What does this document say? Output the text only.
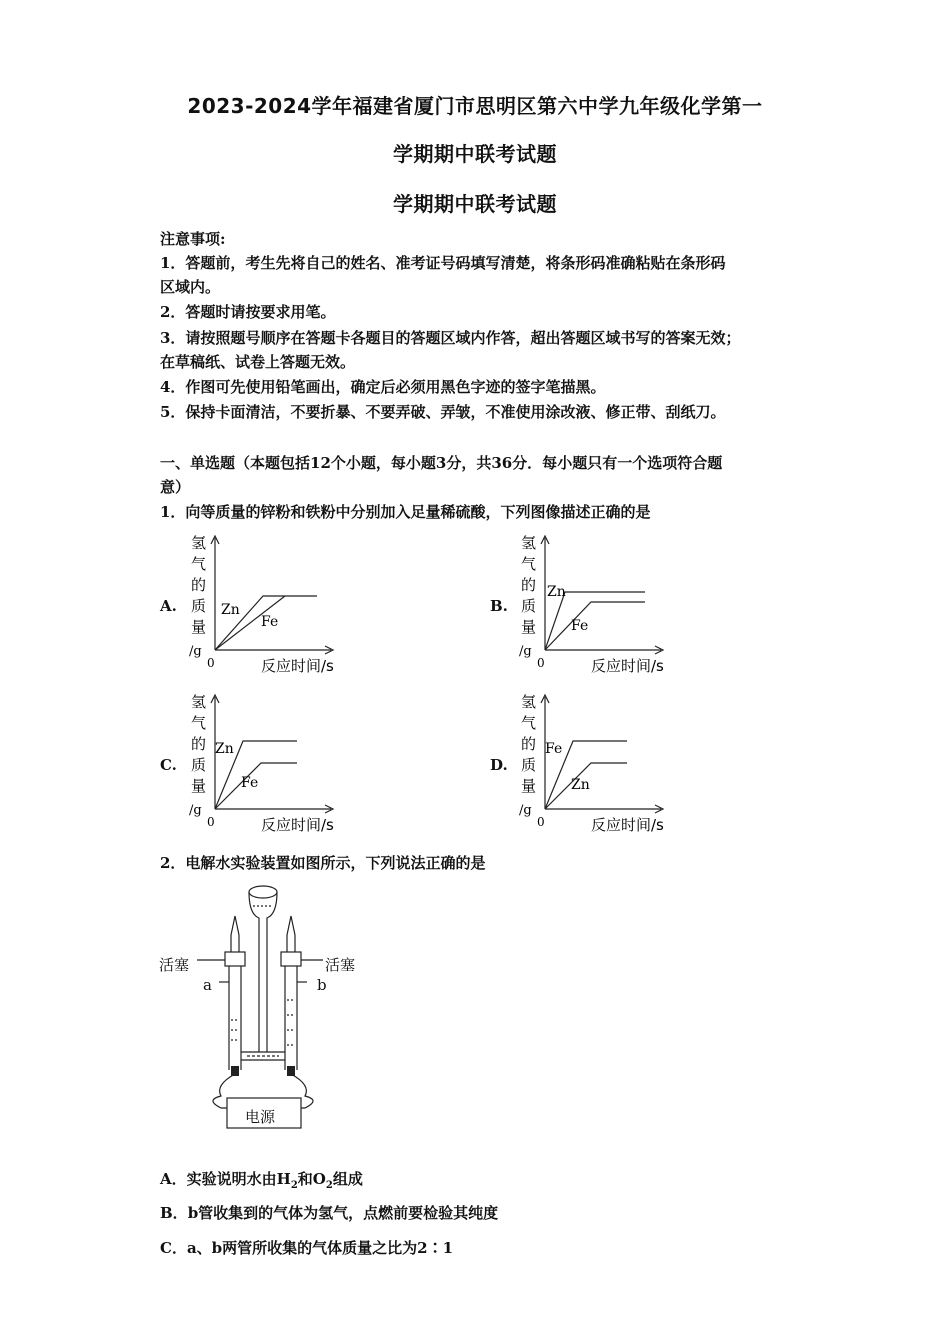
2023-2024学年福建省厦门市思明区第六中学九年级化学第一
学期期中联考试题
学期期中联考试题
注意事项:
1．答题前，考生先将自己的姓名、准考证号码填写清楚，将条形码准确粘贴在条形码
区域内。
2．答题时请按要求用笔。
3．请按照题号顺序在答题卡各题目的答题区域内作答，超出答题区域书写的答案无效；
在草稿纸、试卷上答题无效。
4．作图可先使用铅笔画出，确定后必须用黑色字迹的签字笔描黑。
5．保持卡面清洁，不要折暴、不要弄破、弄皱，不准使用涂改液、修正带、刮纸刀。
一、单选题（本题包括12个小题，每小题3分，共36分．每小题只有一个选项符合题
意）
1．向等质量的锌粉和铁粉中分别加入足量稀硫酸，下列图像描述正确的是
A.
氢
气
的
质
量
/g
0	反应时间/s
Zn
Fe
B.
氢
气
的
质
量
/g
0	反应时间/s
Zn
Fe
C.
氢
气
的
质
量
/g
0	反应时间/s
Zn
Fe
D.
氢
气
的
质
量
/g
0	反应时间/s
Fe
Zn
2．电解水实验装置如图所示，下列说法正确的是
活塞	活塞
a	b
电源
A．实验说明水由$H_2$和$O_2$组成
B．b管收集到的气体为氢气，点燃前要检验其纯度
C．a、b两管所收集的气体质量之比为2∶1
